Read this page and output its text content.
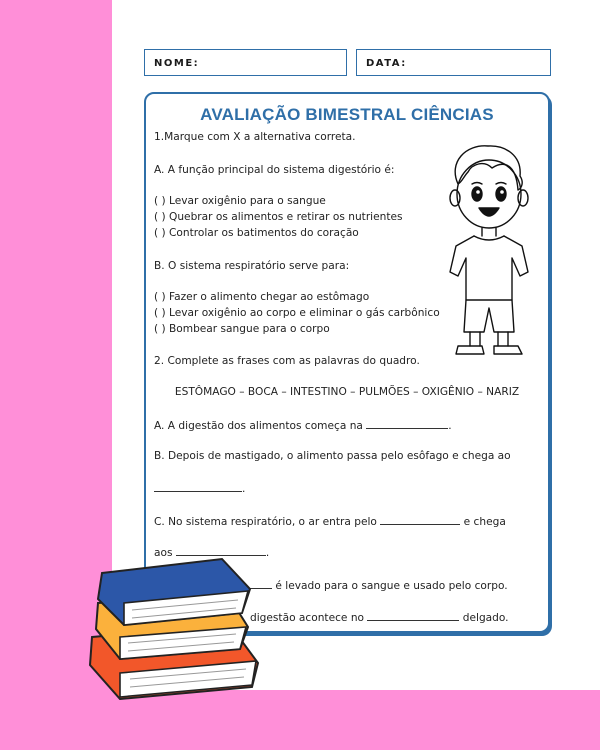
NOME:	DATA:
AVALIAÇÃO BIMESTRAL CIÊNCIAS
1.Marque com X a alternativa correta.
A. A função principal do sistema digestório é:
( ) Levar oxigênio para o sangue
( ) Quebrar os alimentos e retirar os nutrientes
( ) Controlar os batimentos do coração
B. O sistema respiratório serve para:
( ) Fazer o alimento chegar ao estômago
( ) Levar oxigênio ao corpo e eliminar o gás carbônico
( ) Bombear sangue para o corpo
2. Complete as frases com as palavras do quadro.
ESTÔMAGO – BOCA – INTESTINO – PULMÕES – OXIGÊNIO – NARIZ
A. A digestão dos alimentos começa na	.
B. Depois de mastigado, o alimento passa pelo esôfago e chega ao
.
C. No sistema respiratório, o ar entra pelo	e chega
aos	.
é levado para o sangue e usado pelo corpo.
digestão acontece no	delgado.
